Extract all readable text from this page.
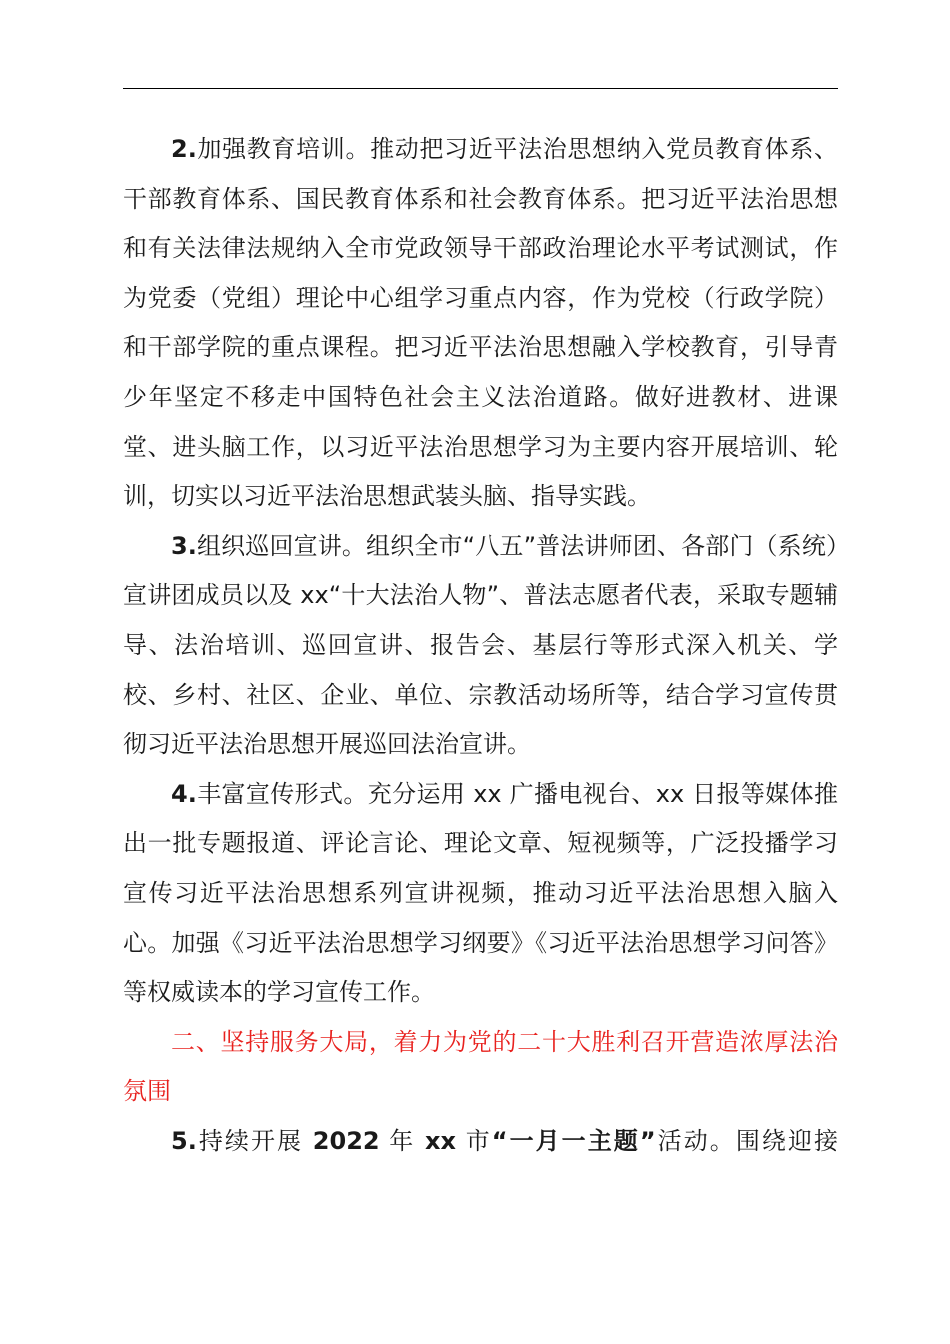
2.加强教育培训。推动把习近平法治思想纳入党员教育体系、干部教育体系、国民教育体系和社会教育体系。把习近平法治思想和有关法律法规纳入全市党政领导干部政治理论水平考试测试，作为党委（党组）理论中心组学习重点内容，作为党校（行政学院）和干部学院的重点课程。把习近平法治思想融入学校教育，引导青少年坚定不移走中国特色社会主义法治道路。做好进教材、进课堂、进头脑工作，以习近平法治思想学习为主要内容开展培训、轮训，切实以习近平法治思想武装头脑、指导实践。

3.组织巡回宣讲。组织全市“八五”普法讲师团、各部门（系统）宣讲团成员以及 xx“十大法治人物”、普法志愿者代表，采取专题辅导、法治培训、巡回宣讲、报告会、基层行等形式深入机关、学校、乡村、社区、企业、单位、宗教活动场所等，结合学习宣传贯彻习近平法治思想开展巡回法治宣讲。

4.丰富宣传形式。充分运用 xx 广播电视台、xx 日报等媒体推出一批专题报道、评论言论、理论文章、短视频等，广泛投播学习宣传习近平法治思想系列宣讲视频，推动习近平法治思想入脑入心。加强《习近平法治思想学习纲要》《习近平法治思想学习问答》等权威读本的学习宣传工作。

二、坚持服务大局，着力为党的二十大胜利召开营造浓厚法治氛围

5.持续开展 2022 年 xx 市“一月一主题”活动。围绕迎接
